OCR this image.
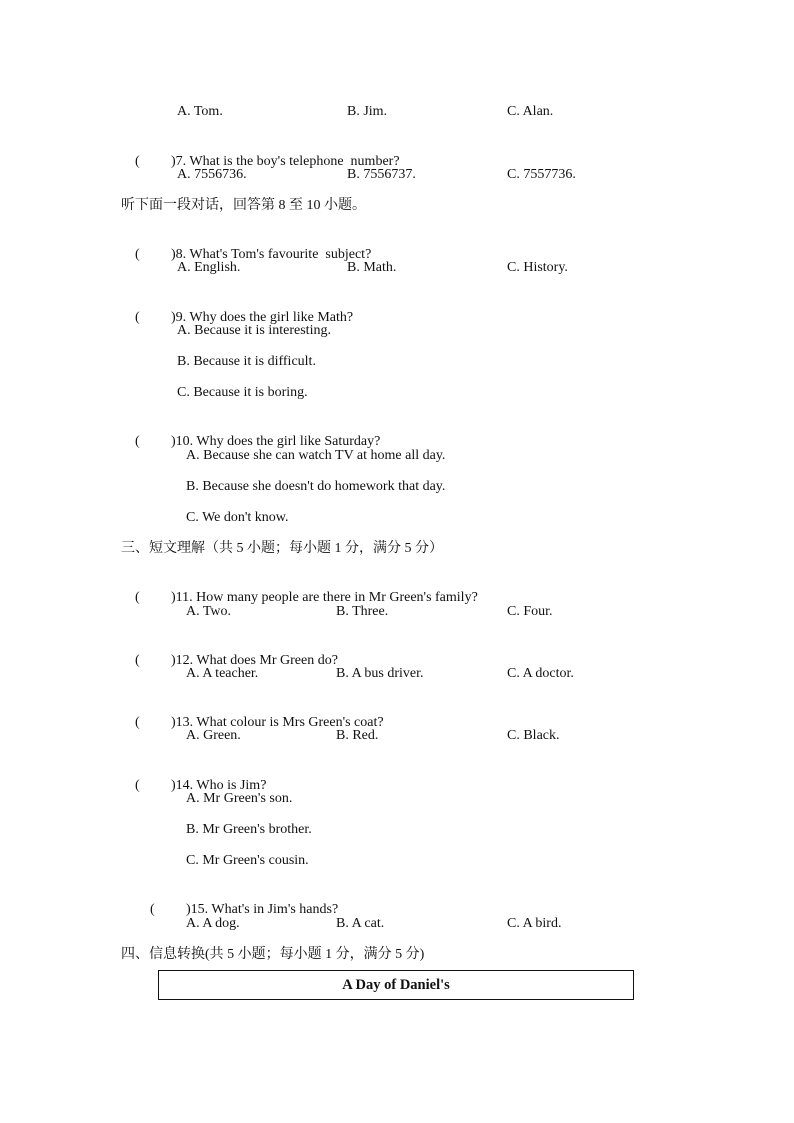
A. Tom.	B. Jim.	C. Alan.

( )7. What is the boy's telephone  number?

A. 7556736.	B. 7556737.	C. 7557736.
听下面一段对话，回答第 8 至 10 小题。

( )8. What's Tom's favourite  subject?

A. English.	B. Math.	C. History.

( )9. Why does the girl like Math?

A. Because it is interesting.
B. Because it is difficult.
C. Because it is boring.

( )10. Why does the girl like Saturday?

A. Because she can watch TV at home all day.
B. Because she doesn't do homework that day.
C. We don't know.
三、短文理解（共 5 小题；每小题 1 分，满分 5 分）

( )11. How many people are there in Mr Green's family?

A. Two.	B. Three.	C. Four.

( )12. What does Mr Green do?

A. A teacher.	B. A bus driver.	C. A doctor.

( )13. What colour is Mrs Green's coat?

A. Green.	B. Red.	C. Black.

( )14. Who is Jim?

A. Mr Green's son.
B. Mr Green's brother.
C. Mr Green's cousin.

( )15. What's in Jim's hands?

A. A dog.	B. A cat.	C. A bird.
四、信息转换(共 5 小题；每小题 1 分，满分 5 分)
A Day of Daniel's
